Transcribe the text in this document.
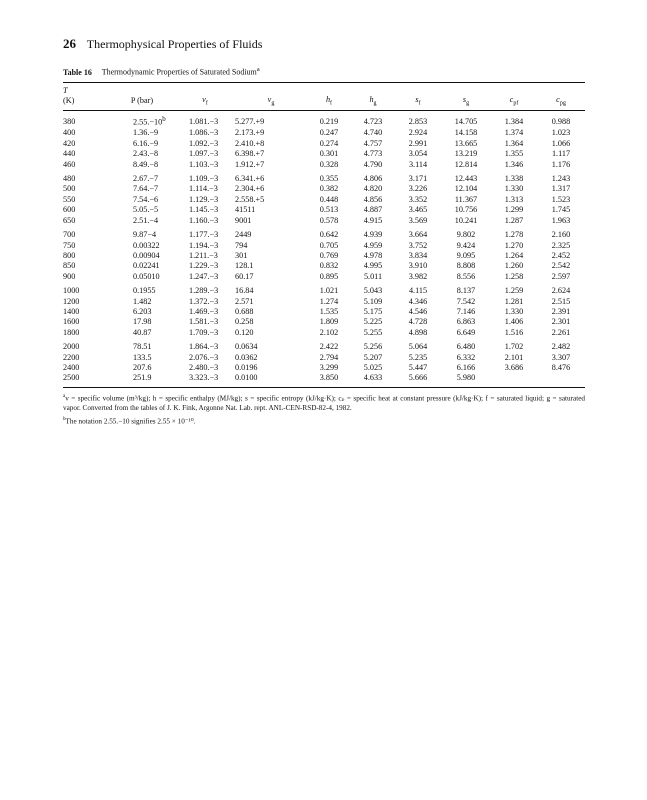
26 Thermophysical Properties of Fluids
Table 16 Thermodynamic Properties of Saturated Sodium$^a$
T									
(K)	P (bar)	$v_f$	$v_g$	$h_f$	$h_g$	$s_f$	$s_g$	$c_{pf}$	$c_{pg}$
380	$2.55.-10^b$	1.081.−3	5.277.+9	0.219	4.723	2.853	14.705	1.384	0.988
400	1.36.−9	1.086.−3	2.173.+9	0.247	4.740	2.924	14.158	1.374	1.023
420	6.16.−9	1.092.−3	2.410.+8	0.274	4.757	2.991	13.665	1.364	1.066
440	2.43.−8	1.097.−3	6.398.+7	0.301	4.773	3.054	13.219	1.355	1.117
460	8.49.−8	1.103.−3	1.912.+7	0.328	4.790	3.114	12.814	1.346	1.176
480	2.67.−7	1.109.−3	6.341.+6	0.355	4.806	3.171	12.443	1.338	1.243
500	7.64.−7	1.114.−3	2.304.+6	0.382	4.820	3.226	12.104	1.330	1.317
550	7.54.−6	1.129.−3	2.558.+5	0.448	4.856	3.352	11.367	1.313	1.523
600	5.05.−5	1.145.−3	41511	0.513	4.887	3.465	10.756	1.299	1.745
650	2.51.−4	1.160.−3	9001	0.578	4.915	3.569	10.241	1.287	1.963
700	9.87−4	1.177.−3	2449	0.642	4.939	3.664	9.802	1.278	2.160
750	0.00322	1.194.−3	794	0.705	4.959	3.752	9.424	1.270	2.325
800	0.00904	1.211.−3	301	0.769	4.978	3.834	9.095	1.264	2.452
850	0.02241	1.229.−3	128.1	0.832	4.995	3.910	8.808	1.260	2.542
900	0.05010	1.247.−3	60.17	0.895	5.011	3.982	8.556	1.258	2.597
1000	0.1955	1.289.−3	16.84	1.021	5.043	4.115	8.137	1.259	2.624
1200	1.482	1.372.−3	2.571	1.274	5.109	4.346	7.542	1.281	2.515
1400	6.203	1.469.−3	0.688	1.535	5.175	4.546	7.146	1.330	2.391
1600	17.98	1.581.−3	0.258	1.809	5.225	4.728	6.863	1.406	2.301
1800	40.87	1.709.−3	0.120	2.102	5.255	4.898	6.649	1.516	2.261
2000	78.51	1.864.−3	0.0634	2.422	5.256	5.064	6.480	1.702	2.482
2200	133.5	2.076.−3	0.0362	2.794	5.207	5.235	6.332	2.101	3.307
2400	207.6	2.480.−3	0.0196	3.299	5.025	5.447	6.166	3.686	8.476
2500	251.9	3.323.−3	0.0100	3.850	4.633	5.666	5.980		

$^a$v = specific volume (m³/kg); h = specific enthalpy (MJ/kg); s = specific entropy (kJ/kg·K); cₚ = specific heat at constant pressure (kJ/kg·K); f = saturated liquid; g = saturated vapor. Converted from the tables of J. K. Fink, Argonne Nat. Lab. rept. ANL-CEN-RSD-82-4, 1982.

$^b$The notation 2.55.−10 signifies 2.55 × 10⁻¹⁰.
